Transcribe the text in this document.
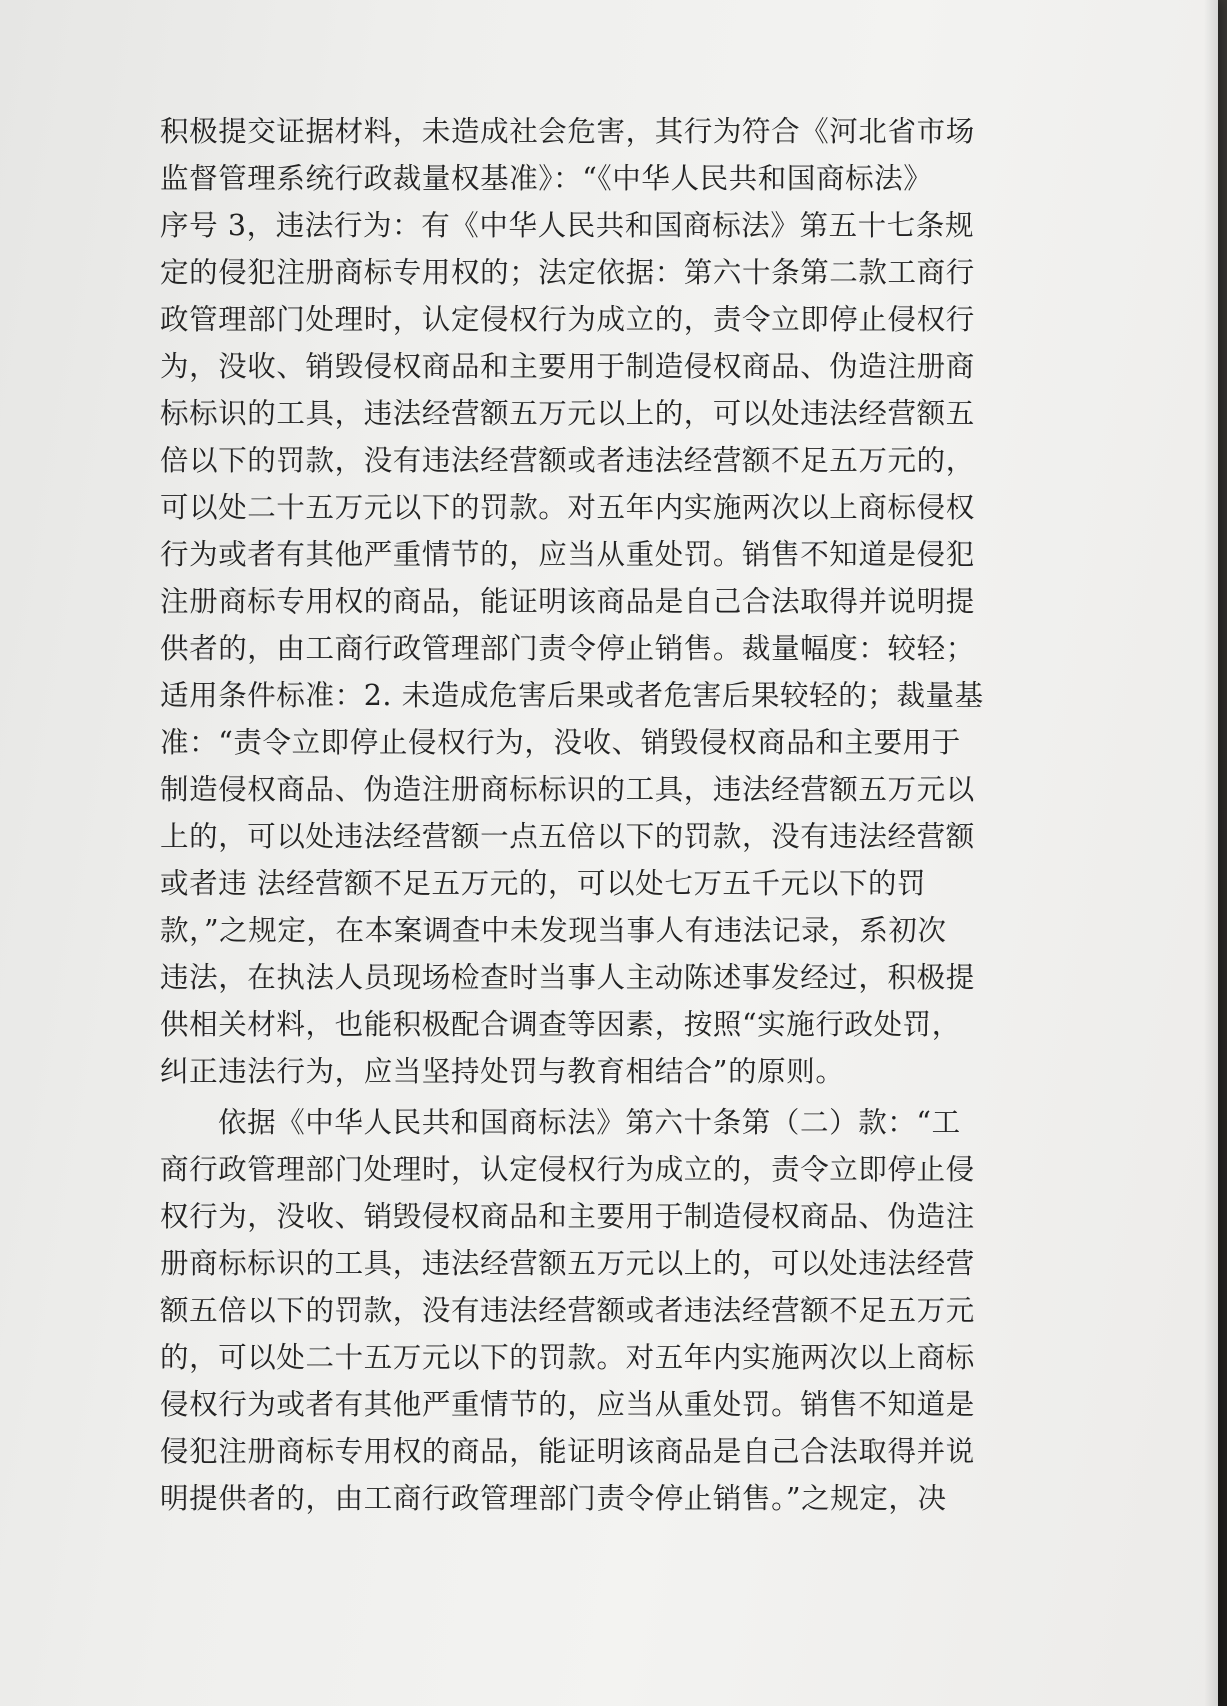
积极提交证据材料，未造成社会危害，其行为符合《河北省市场
监督管理系统行政裁量权基准》：“《中华人民共和国商标法》
序号 3，违法行为：有《中华人民共和国商标法》第五十七条规
定的侵犯注册商标专用权的；法定依据：第六十条第二款工商行
政管理部门处理时，认定侵权行为成立的，责令立即停止侵权行
为，没收、销毁侵权商品和主要用于制造侵权商品、伪造注册商
标标识的工具，违法经营额五万元以上的，可以处违法经营额五
倍以下的罚款，没有违法经营额或者违法经营额不足五万元的，
可以处二十五万元以下的罚款。对五年内实施两次以上商标侵权
行为或者有其他严重情节的，应当从重处罚。销售不知道是侵犯
注册商标专用权的商品，能证明该商品是自己合法取得并说明提
供者的，由工商行政管理部门责令停止销售。裁量幅度：较轻；
适用条件标准：2. 未造成危害后果或者危害后果较轻的；裁量基
准：“责令立即停止侵权行为，没收、销毁侵权商品和主要用于
制造侵权商品、伪造注册商标标识的工具，违法经营额五万元以
上的，可以处违法经营额一点五倍以下的罚款，没有违法经营额
或者违 法经营额不足五万元的，可以处七万五千元以下的罚
款，”之规定，在本案调查中未发现当事人有违法记录，系初次
违法，在执法人员现场检查时当事人主动陈述事发经过，积极提
供相关材料，也能积极配合调查等因素，按照“实施行政处罚，
纠正违法行为，应当坚持处罚与教育相结合”的原则。
依据《中华人民共和国商标法》第六十条第（二）款：“工
商行政管理部门处理时，认定侵权行为成立的，责令立即停止侵
权行为，没收、销毁侵权商品和主要用于制造侵权商品、伪造注
册商标标识的工具，违法经营额五万元以上的，可以处违法经营
额五倍以下的罚款，没有违法经营额或者违法经营额不足五万元
的，可以处二十五万元以下的罚款。对五年内实施两次以上商标
侵权行为或者有其他严重情节的，应当从重处罚。销售不知道是
侵犯注册商标专用权的商品，能证明该商品是自己合法取得并说
明提供者的，由工商行政管理部门责令停止销售。”之规定，决
